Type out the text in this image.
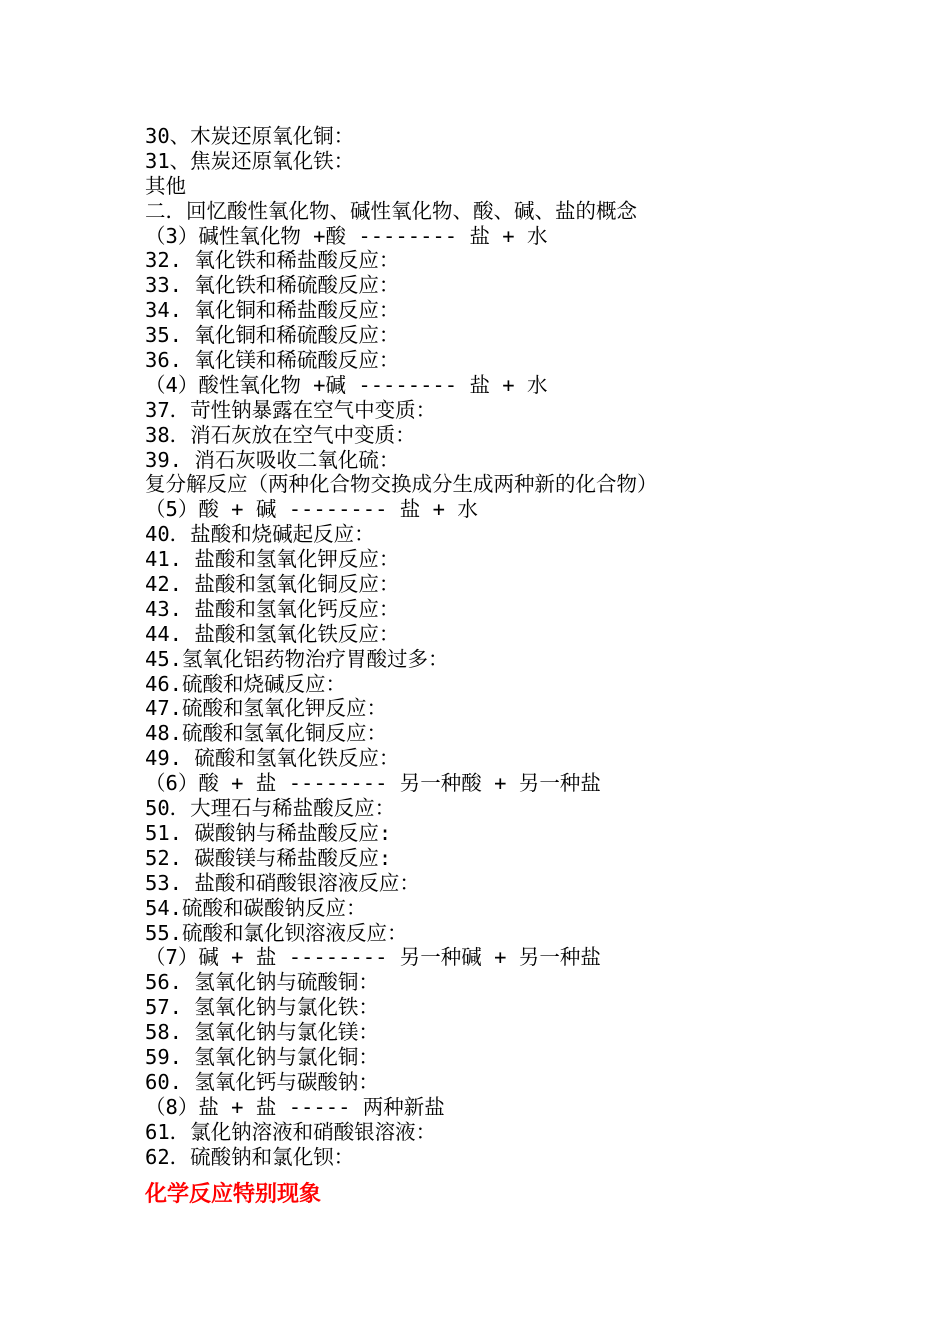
30、木炭还原氧化铜：
31、焦炭还原氧化铁：
其他
二．回忆酸性氧化物、碱性氧化物、酸、碱、盐的概念
（3）碱性氧化物 +酸 -------- 盐 + 水
32. 氧化铁和稀盐酸反应：
33. 氧化铁和稀硫酸反应：
34. 氧化铜和稀盐酸反应：
35. 氧化铜和稀硫酸反应：
36. 氧化镁和稀硫酸反应：
（4）酸性氧化物 +碱 -------- 盐 + 水
37．苛性钠暴露在空气中变质：
38．消石灰放在空气中变质：
39. 消石灰吸收二氧化硫：
复分解反应（两种化合物交换成分生成两种新的化合物）
（5）酸 + 碱 -------- 盐 + 水
40．盐酸和烧碱起反应：
41. 盐酸和氢氧化钾反应：
42. 盐酸和氢氧化铜反应：
43. 盐酸和氢氧化钙反应：
44. 盐酸和氢氧化铁反应：
45.氢氧化铝药物治疗胃酸过多：
46.硫酸和烧碱反应：
47.硫酸和氢氧化钾反应：
48.硫酸和氢氧化铜反应：
49. 硫酸和氢氧化铁反应：
（6）酸 + 盐 -------- 另一种酸 + 另一种盐
50．大理石与稀盐酸反应：
51. 碳酸钠与稀盐酸反应:
52. 碳酸镁与稀盐酸反应:
53. 盐酸和硝酸银溶液反应：
54.硫酸和碳酸钠反应：
55.硫酸和氯化钡溶液反应：
（7）碱 + 盐 -------- 另一种碱 + 另一种盐
56. 氢氧化钠与硫酸铜：
57. 氢氧化钠与氯化铁：
58. 氢氧化钠与氯化镁：
59. 氢氧化钠与氯化铜：
60. 氢氧化钙与碳酸钠：
（8）盐 + 盐 ----- 两种新盐
61．氯化钠溶液和硝酸银溶液：
62．硫酸钠和氯化钡：
化学反应特别现象
